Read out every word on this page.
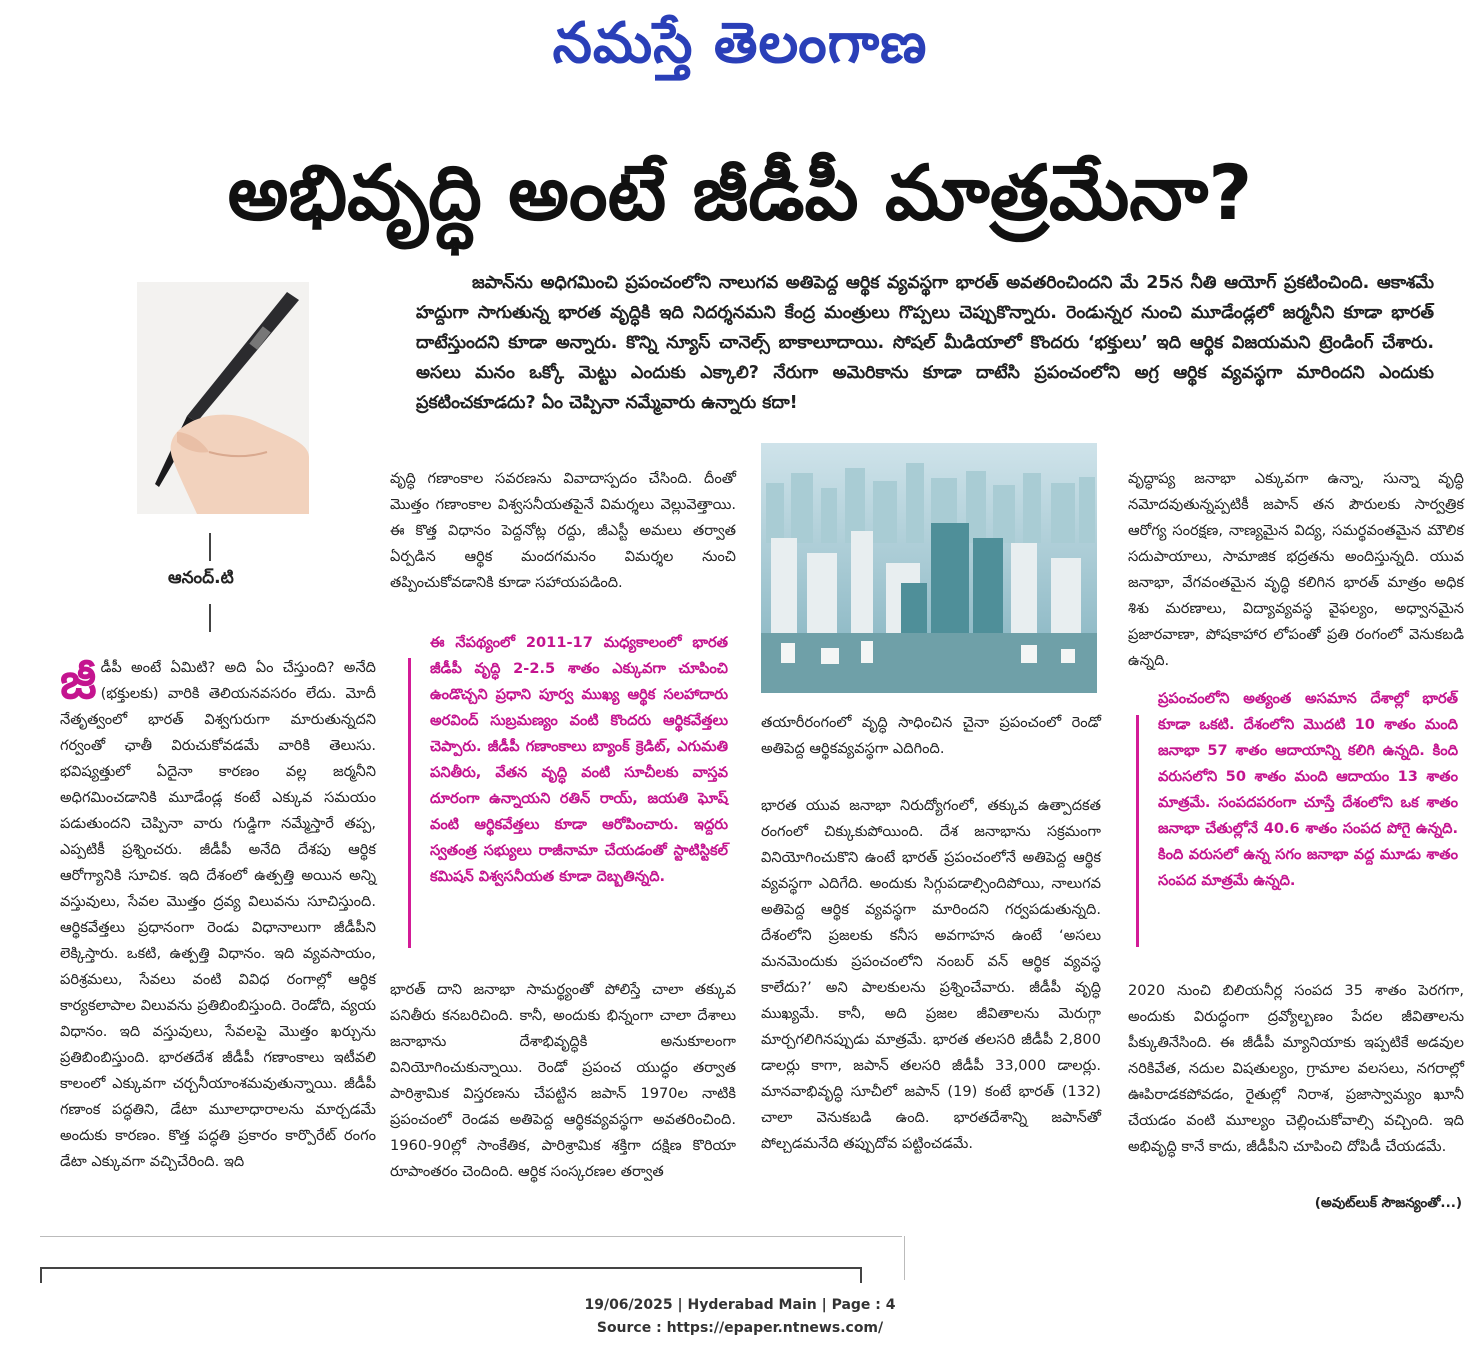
నమస్తే తెలంగాణ
అభివృద్ధి అంటే జీడీపీ మాత్రమేనా?
ఆనంద్.టి

జపాన్‌ను అధిగమించి ప్రపంచంలోని నాలుగవ అతిపెద్ద ఆర్థిక వ్యవస్థగా భారత్ అవతరించిందని మే 25న నీతి ఆయోగ్ ప్రకటించింది. ఆకాశమే హద్దుగా సాగుతున్న భారత వృద్ధికి ఇది నిదర్శనమని కేంద్ర మంత్రులు గొప్పలు చెప్పుకొన్నారు. రెండున్నర నుంచి మూడేండ్లలో జర్మనీని కూడా భారత్ దాటేస్తుందని కూడా అన్నారు. కొన్ని న్యూస్ చానెల్స్ బాకాలూదాయి. సోషల్ మీడియాలో కొందరు ‘భక్తులు’ ఇది ఆర్థిక విజయమని ట్రెండింగ్ చేశారు. అసలు మనం ఒక్కో మెట్టు ఎందుకు ఎక్కాలి? నేరుగా అమెరికాను కూడా దాటేసి ప్రపంచంలోని అగ్ర ఆర్థిక వ్యవస్థగా మారిందని ఎందుకు ప్రకటించకూడదు? ఏం చెప్పినా నమ్మేవారు ఉన్నారు కదా!

జీడీపీ అంటే ఏమిటి? అది ఏం చేస్తుంది? అనేది (భక్తులకు) వారికి తెలియనవసరం లేదు. మోదీ నేతృత్వంలో భారత్ విశ్వగురుగా మారుతున్నదని గర్వంతో ఛాతీ విరుచుకోవడమే వారికి తెలుసు. భవిష్యత్తులో ఏదైనా కారణం వల్ల జర్మనీని అధిగమించడానికి మూడేండ్ల కంటే ఎక్కువ సమయం పడుతుందని చెప్పినా వారు గుడ్డిగా నమ్మేస్తారే తప్ప, ఎప్పటికీ ప్రశ్నించరు. జీడీపీ అనేది దేశపు ఆర్థిక ఆరోగ్యానికి సూచిక. ఇది దేశంలో ఉత్పత్తి అయిన అన్ని వస్తువులు, సేవల మొత్తం ద్రవ్య విలువను సూచిస్తుంది. ఆర్థికవేత్తలు ప్రధానంగా రెండు విధానాలుగా జీడీపీని లెక్కిస్తారు. ఒకటి, ఉత్పత్తి విధానం. ఇది వ్యవసాయం, పరిశ్రమలు, సేవలు వంటి వివిధ రంగాల్లో ఆర్థిక కార్యకలాపాల విలువను ప్రతిబింబిస్తుంది. రెండోది, వ్యయ విధానం. ఇది వస్తువులు, సేవలపై మొత్తం ఖర్చును ప్రతిబింబిస్తుంది. భారతదేశ జీడీపీ గణాంకాలు ఇటీవలి కాలంలో ఎక్కువగా చర్చనీయాంశమవుతున్నాయి. జీడీపీ గణాంక పద్ధతిని, డేటా మూలాధారాలను మార్చడమే అందుకు కారణం. కొత్త పద్ధతి ప్రకారం కార్పొరేట్ రంగం డేటా ఎక్కువగా వచ్చిచేరింది. ఇది

వృద్ధి గణాంకాల సవరణను వివాదాస్పదం చేసింది. దీంతో మొత్తం గణాంకాల విశ్వసనీయతపైనే విమర్శలు వెల్లువెత్తాయి. ఈ కొత్త విధానం పెద్దనోట్ల రద్దు, జీఎస్టీ అమలు తర్వాత ఏర్పడిన ఆర్థిక మందగమనం విమర్శల నుంచి తప్పించుకోవడానికి కూడా సహాయపడింది.

ఈ నేపథ్యంలో 2011-17 మధ్యకాలంలో భారత జీడీపీ వృద్ధి 2-2.5 శాతం ఎక్కువగా చూపించి ఉండొచ్చని ప్రధాని పూర్వ ముఖ్య ఆర్థిక సలహాదారు అరవింద్ సుబ్రమణ్యం వంటి కొందరు ఆర్థికవేత్తలు చెప్పారు. జీడీపీ గణాంకాలు బ్యాంక్ క్రెడిట్, ఎగుమతి పనితీరు, వేతన వృద్ధి వంటి సూచీలకు వాస్తవ దూరంగా ఉన్నాయని రతిన్ రాయ్, జయతి ఘోష్ వంటి ఆర్థికవేత్తలు కూడా ఆరోపించారు. ఇద్దరు స్వతంత్ర సభ్యులు రాజీనామా చేయడంతో స్టాటిస్టికల్ కమిషన్ విశ్వసనీయత కూడా దెబ్బతిన్నది.

భారత్ దాని జనాభా సామర్థ్యంతో పోలిస్తే చాలా తక్కువ పనితీరు కనబరిచింది. కానీ, అందుకు భిన్నంగా చాలా దేశాలు జనాభాను దేశాభివృద్ధికి అనుకూలంగా వినియోగించుకున్నాయి. రెండో ప్రపంచ యుద్ధం తర్వాత పారిశ్రామిక విస్తరణను చేపట్టిన జపాన్ 1970ల నాటికి ప్రపంచంలో రెండవ అతిపెద్ద ఆర్థికవ్యవస్థగా అవతరించింది. 1960-90ల్లో సాంకేతిక, పారిశ్రామిక శక్తిగా దక్షిణ కొరియా రూపాంతరం చెందింది. ఆర్థిక సంస్కరణల తర్వాత

తయారీరంగంలో వృద్ధి సాధించిన చైనా ప్రపంచంలో రెండో అతిపెద్ద ఆర్థికవ్యవస్థగా ఎదిగింది.

భారత యువ జనాభా నిరుద్యోగంలో, తక్కువ ఉత్పాదకత రంగంలో చిక్కుకుపోయింది. దేశ జనాభాను సక్రమంగా వినియోగించుకొని ఉంటే భారత్ ప్రపంచంలోనే అతిపెద్ద ఆర్థిక వ్యవస్థగా ఎదిగేది. అందుకు సిగ్గుపడాల్సిందిపోయి, నాలుగవ అతిపెద్ద ఆర్థిక వ్యవస్థగా మారిందని గర్వపడుతున్నది. దేశంలోని ప్రజలకు కనీస అవగాహన ఉంటే ‘అసలు మనమెందుకు ప్రపంచంలోని నంబర్ వన్ ఆర్థిక వ్యవస్థ కాలేదు?’ అని పాలకులను ప్రశ్నించేవారు. జీడీపీ వృద్ధి ముఖ్యమే. కానీ, అది ప్రజల జీవితాలను మెరుగ్గా మార్చగలిగినప్పుడు మాత్రమే. భారత తలసరి జీడీపీ 2,800 డాలర్లు కాగా, జపాన్ తలసరి జీడీపీ 33,000 డాలర్లు. మానవాభివృద్ధి సూచీలో జపాన్ (19) కంటే భారత్ (132) చాలా వెనుకబడి ఉంది. భారతదేశాన్ని జపాన్‌తో పోల్చడమనేది తప్పుదోవ పట్టించడమే.

వృద్ధాప్య జనాభా ఎక్కువగా ఉన్నా, సున్నా వృద్ధి నమోదవుతున్నప్పటికీ జపాన్ తన పౌరులకు సార్వత్రిక ఆరోగ్య సంరక్షణ, నాణ్యమైన విద్య, సమర్థవంతమైన మౌలిక సదుపాయాలు, సామాజిక భద్రతను అందిస్తున్నది. యువ జనాభా, వేగవంతమైన వృద్ధి కలిగిన భారత్ మాత్రం అధిక శిశు మరణాలు, విద్యావ్యవస్థ వైఫల్యం, అధ్వానమైన ప్రజారవాణా, పోషకాహార లోపంతో ప్రతి రంగంలో వెనుకబడి ఉన్నది.

ప్రపంచంలోని అత్యంత అసమాన దేశాల్లో భారత్ కూడా ఒకటి. దేశంలోని మొదటి 10 శాతం మంది జనాభా 57 శాతం ఆదాయాన్ని కలిగి ఉన్నది. కింది వరుసలోని 50 శాతం మంది ఆదాయం 13 శాతం మాత్రమే. సంపదపరంగా చూస్తే దేశంలోని ఒక శాతం జనాభా చేతుల్లోనే 40.6 శాతం సంపద పోగై ఉన్నది. కింది వరుసలో ఉన్న సగం జనాభా వద్ద మూడు శాతం సంపద మాత్రమే ఉన్నది.

2020 నుంచి బిలియనీర్ల సంపద 35 శాతం పెరగగా, అందుకు విరుద్ధంగా ద్రవ్యోల్బణం పేదల జీవితాలను పీక్కుతినేసింది. ఈ జీడీపీ మ్యానియాకు ఇప్పటికే అడవుల నరికివేత, నదుల విషతుల్యం, గ్రామాల వలసలు, నగరాల్లో ఊపిరాడకపోవడం, రైతుల్లో నిరాశ, ప్రజాస్వామ్యం ఖూనీ చేయడం వంటి మూల్యం చెల్లించుకోవాల్సి వచ్చింది. ఇది అభివృద్ధి కానే కాదు, జీడీపీని చూపించి దోపిడీ చేయడమే.

(అవుట్‌లుక్ సౌజన్యంతో...)
19/06/2025 | Hyderabad Main | Page : 4
Source : https://epaper.ntnews.com/
